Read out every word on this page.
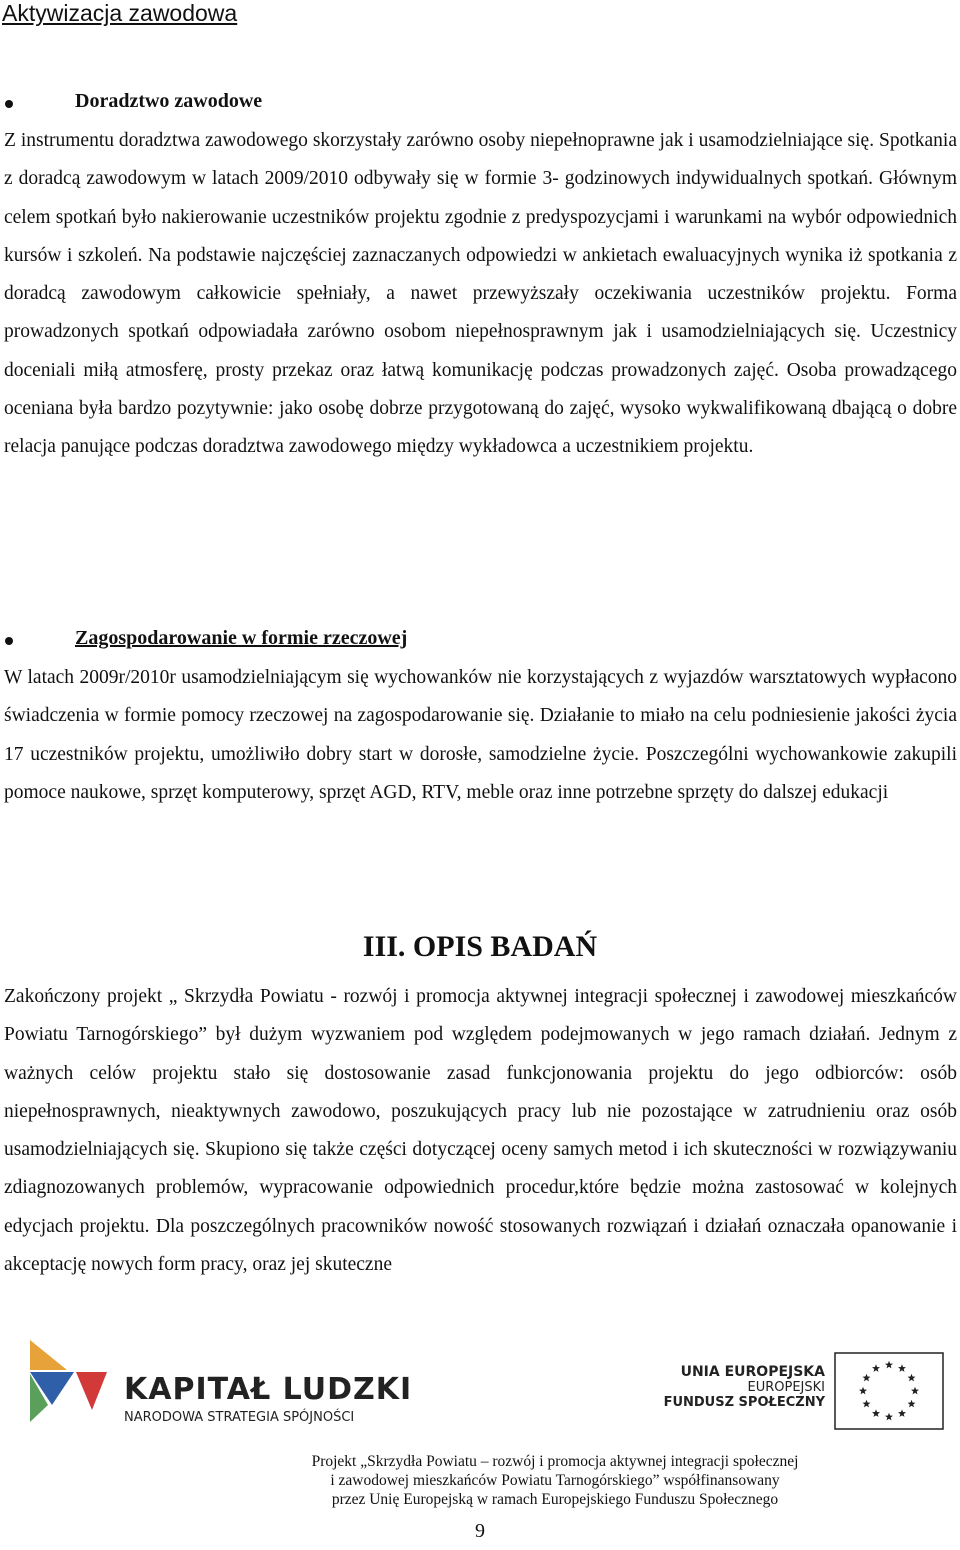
Aktywizacja zawodowa
Doradztwo zawodowe
Z instrumentu doradztwa zawodowego skorzystały zarówno osoby niepełnoprawne jak i usamodzielniające się. Spotkania z doradcą zawodowym w latach 2009/2010 odbywały się w formie 3- godzinowych indywidualnych spotkań. Głównym celem spotkań było nakierowanie uczestników projektu zgodnie z predyspozycjami i warunkami na wybór odpowiednich kursów i szkoleń. Na podstawie najczęściej zaznaczanych odpowiedzi w ankietach ewaluacyjnych wynika iż spotkania z doradcą zawodowym całkowicie spełniały, a nawet przewyższały oczekiwania uczestników projektu. Forma prowadzonych spotkań odpowiadała zarówno osobom niepełnosprawnym jak i usamodzielniających się. Uczestnicy doceniali miłą atmosferę, prosty przekaz oraz łatwą komunikację podczas prowadzonych zajęć. Osoba prowadzącego oceniana była bardzo pozytywnie: jako osobę dobrze przygotowaną do zajęć, wysoko wykwalifikowaną dbającą o dobre relacja panujące podczas doradztwa zawodowego między wykładowca a uczestnikiem projektu.
Zagospodarowanie w formie rzeczowej
W latach 2009r/2010r usamodzielniającym się wychowanków nie korzystających z wyjazdów warsztatowych wypłacono świadczenia w formie pomocy rzeczowej na zagospodarowanie się. Działanie to miało na celu podniesienie jakości życia 17 uczestników projektu, umożliwiło dobry start w dorosłe, samodzielne życie. Poszczególni wychowankowie zakupili pomoce naukowe, sprzęt komputerowy, sprzęt AGD, RTV, meble oraz inne potrzebne sprzęty do dalszej edukacji
III. OPIS BADAŃ
Zakończony projekt „ Skrzydła Powiatu - rozwój i promocja aktywnej integracji społecznej i zawodowej mieszkańców Powiatu Tarnogórskiego” był dużym wyzwaniem pod względem podejmowanych w jego ramach działań. Jednym z ważnych celów projektu stało się dostosowanie zasad funkcjonowania projektu do jego odbiorców: osób niepełnosprawnych, nieaktywnych zawodowo, poszukujących pracy lub nie pozostające w zatrudnieniu oraz osób usamodzielniających się. Skupiono się także części dotyczącej oceny samych metod i ich skuteczności w rozwiązywaniu zdiagnozowanych problemów, wypracowanie odpowiednich procedur,które będzie można zastosować w kolejnych edycjach projektu. Dla poszczególnych pracowników nowość stosowanych rozwiązań i działań oznaczała opanowanie i akceptację nowych form pracy, oraz jej skuteczne
KAPITAŁ LUDZKI
NARODOWA STRATEGIA SPÓJNOŚCI
UNIA EUROPEJSKA
EUROPEJSKI
FUNDUSZ SPOŁECZNY
Projekt „Skrzydła Powiatu – rozwój i promocja aktywnej integracji społecznej
i zawodowej mieszkańców Powiatu Tarnogórskiego” współfinansowany
przez Unię Europejską w ramach Europejskiego Funduszu Społecznego
9
